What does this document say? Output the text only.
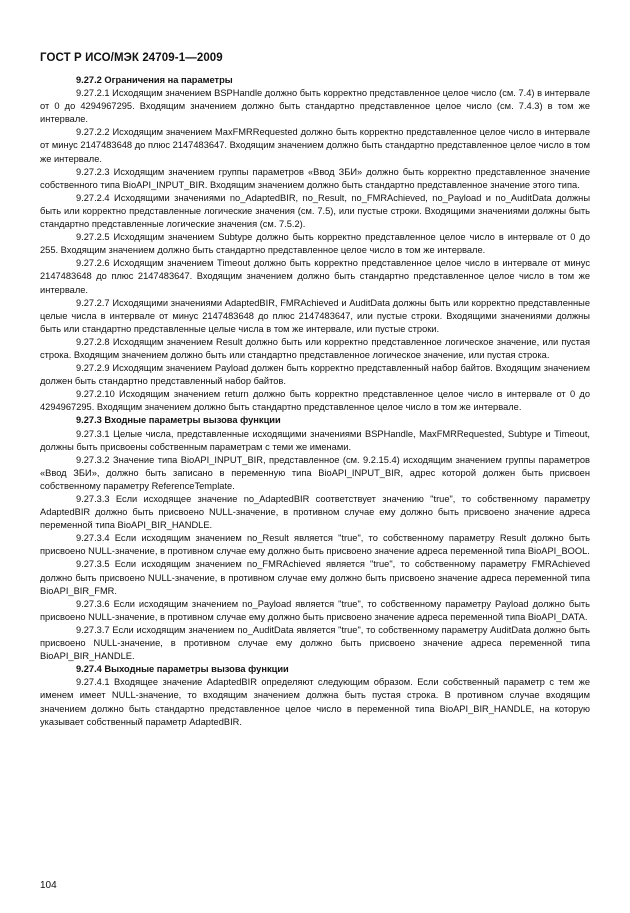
ГОСТ Р ИСО/МЭК 24709-1—2009

9.27.2 Ограничения на параметры

9.27.2.1 Исходящим значением BSPHandle должно быть корректно представленное целое число (см. 7.4) в интервале от 0 до 4294967295. Входящим значением должно быть стандартно представленное целое число (см. 7.4.3) в том же интервале.

9.27.2.2 Исходящим значением MaxFMRRequested должно быть корректно представленное целое число в интервале от минус 2147483648 до плюс 2147483647. Входящим значением должно быть стандартно представленное целое число в том же интервале.

9.27.2.3 Исходящим значением группы параметров «Ввод ЗБИ» должно быть корректно представленное значение собственного типа BioAPI_INPUT_BIR. Входящим значением должно быть стандартно представленное значение этого типа.

9.27.2.4 Исходящими значениями no_AdaptedBIR, no_Result, no_FMRAchieved, no_Payload и no_AuditData должны быть или корректно представленные логические значения (см. 7.5), или пустые строки. Входящими значениями должны быть стандартно представленные логические значения (см. 7.5.2).

9.27.2.5 Исходящим значением Subtype должно быть корректно представленное целое число в интервале от 0 до 255. Входящим значением должно быть стандартно представленное целое число в том же интервале.

9.27.2.6 Исходящим значением Timeout должно быть корректно представленное целое число в интервале от минус 2147483648 до плюс 2147483647. Входящим значением должно быть стандартно представленное целое число в том же интервале.

9.27.2.7 Исходящими значениями AdaptedBIR, FMRAchieved и AuditData должны быть или корректно представленные целые числа в интервале от минус 2147483648 до плюс 2147483647, или пустые строки. Входящими значениями должны быть или стандартно представленные целые числа в том же интервале, или пустые строки.

9.27.2.8 Исходящим значением Result должно быть или корректно представленное логическое значение, или пустая строка. Входящим значением должно быть или стандартно представленное логическое значение, или пустая строка.

9.27.2.9 Исходящим значением Payload должен быть корректно представленный набор байтов. Входящим значением должен быть стандартно представленный набор байтов.

9.27.2.10 Исходящим значением return должно быть корректно представленное целое число в интервале от 0 до 4294967295. Входящим значением должно быть стандартно представленное целое число в том же интервале.

9.27.3 Входные параметры вызова функции

9.27.3.1 Целые числа, представленные исходящими значениями BSPHandle, MaxFMRRequested, Subtype и Timeout, должны быть присвоены собственным параметрам с теми же именами.

9.27.3.2 Значение типа BioAPI_INPUT_BIR, представленное (см. 9.2.15.4) исходящим значением группы параметров «Ввод ЗБИ», должно быть записано в переменную типа BioAPI_INPUT_BIR, адрес которой должен быть присвоен собственному параметру ReferenceTemplate.

9.27.3.3 Если исходящее значение no_AdaptedBIR соответствует значению "true", то собственному параметру AdaptedBIR должно быть присвоено NULL-значение, в противном случае ему должно быть присвоено значение адреса переменной типа BioAPI_BIR_HANDLE.

9.27.3.4 Если исходящим значением no_Result является "true", то собственному параметру Result должно быть присвоено NULL-значение, в противном случае ему должно быть присвоено значение адреса переменной типа BioAPI_BOOL.

9.27.3.5 Если исходящим значением no_FMRAchieved является "true", то собственному параметру FMRAchieved должно быть присвоено NULL-значение, в противном случае ему должно быть присвоено значение адреса переменной типа BioAPI_BIR_FMR.

9.27.3.6 Если исходящим значением no_Payload является "true", то собственному параметру Payload должно быть присвоено NULL-значение, в противном случае ему должно быть присвоено значение адреса переменной типа BioAPI_DATA.

9.27.3.7 Если исходящим значением no_AuditData является "true", то собственному параметру AuditData должно быть присвоено NULL-значение, в противном случае ему должно быть присвоено значение адреса переменной типа BioAPI_BIR_HANDLE.

9.27.4 Выходные параметры вызова функции

9.27.4.1 Входящее значение AdaptedBIR определяют следующим образом. Если собственный параметр с тем же именем имеет NULL-значение, то входящим значением должна быть пустая строка. В противном случае входящим значением должно быть стандартно представленное целое число в переменной типа BioAPI_BIR_HANDLE, на которую указывает собственный параметр AdaptedBIR.

104
